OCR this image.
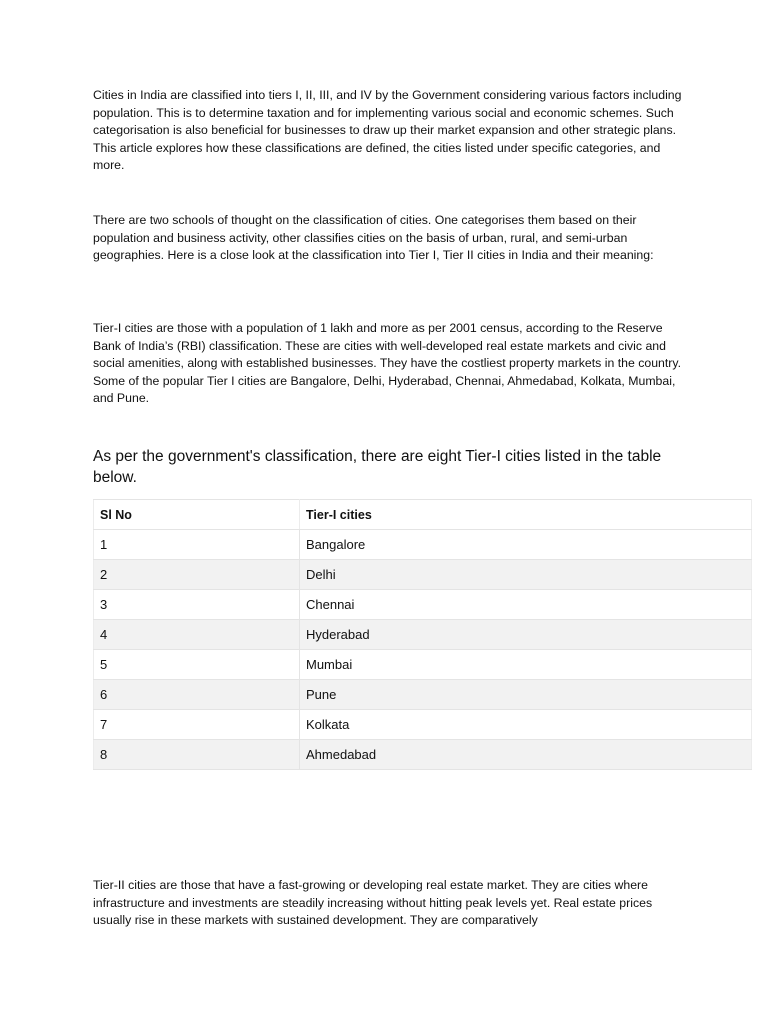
Cities in India are classified into tiers I, II, III, and IV by the Government considering various factors including population. This is to determine taxation and for implementing various social and economic schemes. Such categorisation is also beneficial for businesses to draw up their market expansion and other strategic plans. This article explores how these classifications are defined, the cities listed under specific categories, and more.

There are two schools of thought on the classification of cities. One categorises them based on their population and business activity, other classifies cities on the basis of urban, rural, and semi-urban geographies. Here is a close look at the classification into Tier I, Tier II cities in India and their meaning:

Tier-I cities are those with a population of 1 lakh and more as per 2001 census, according to the Reserve Bank of India’s (RBI) classification. These are cities with well-developed real estate markets and civic and social amenities, along with established businesses. They have the costliest property markets in the country. Some of the popular Tier I cities are Bangalore, Delhi, Hyderabad, Chennai, Ahmedabad, Kolkata, Mumbai, and Pune.

As per the government's classification, there are eight Tier-I cities listed in the table below.

Sl No	Tier-I cities
1	Bangalore
2	Delhi
3	Chennai
4	Hyderabad
5	Mumbai
6	Pune
7	Kolkata
8	Ahmedabad

Tier-II cities are those that have a fast-growing or developing real estate market. They are cities where infrastructure and investments are steadily increasing without hitting peak levels yet. Real estate prices usually rise in these markets with sustained development. They are comparatively
